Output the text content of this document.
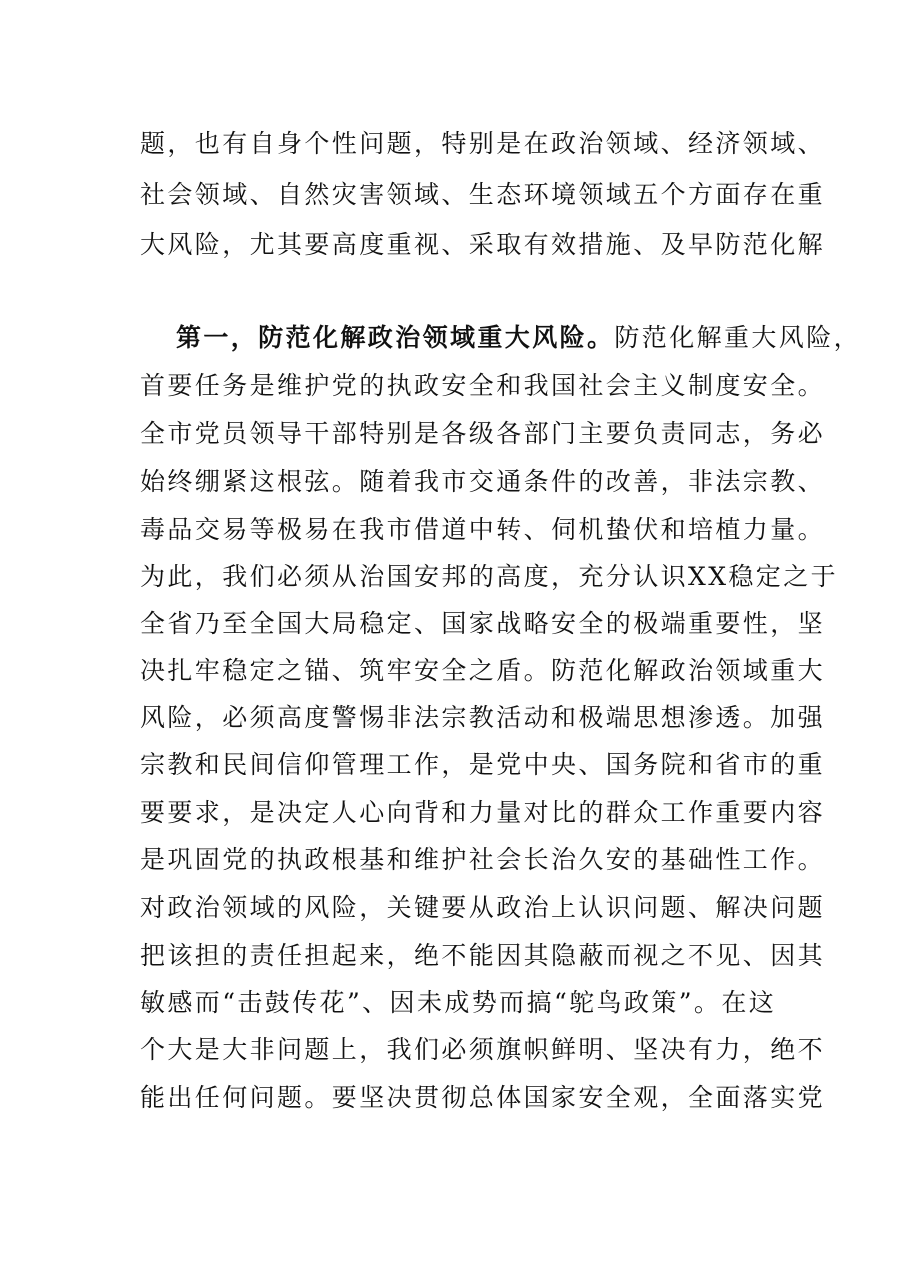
题，也有自身个性问题，特别是在政治领域、经济领域、
社会领域、自然灾害领域、生态环境领域五个方面存在重
大风险，尤其要高度重视、采取有效措施、及早防范化解
第一，防范化解政治领域重大风险。防范化解重大风险，
首要任务是维护党的执政安全和我国社会主义制度安全。
全市党员领导干部特别是各级各部门主要负责同志，务必
始终绷紧这根弦。随着我市交通条件的改善，非法宗教、
毒品交易等极易在我市借道中转、伺机蛰伏和培植力量。
为此，我们必须从治国安邦的高度，充分认识XX稳定之于
全省乃至全国大局稳定、国家战略安全的极端重要性，坚
决扎牢稳定之锚、筑牢安全之盾。防范化解政治领域重大
风险，必须高度警惕非法宗教活动和极端思想渗透。加强
宗教和民间信仰管理工作，是党中央、国务院和省市的重
要要求，是决定人心向背和力量对比的群众工作重要内容
是巩固党的执政根基和维护社会长治久安的基础性工作。
对政治领域的风险，关键要从政治上认识问题、解决问题
把该担的责任担起来，绝不能因其隐蔽而视之不见、因其
敏感而“击鼓传花”、因未成势而搞“鸵鸟政策”。在这
个大是大非问题上，我们必须旗帜鲜明、坚决有力，绝不
能出任何问题。要坚决贯彻总体国家安全观，全面落实党
